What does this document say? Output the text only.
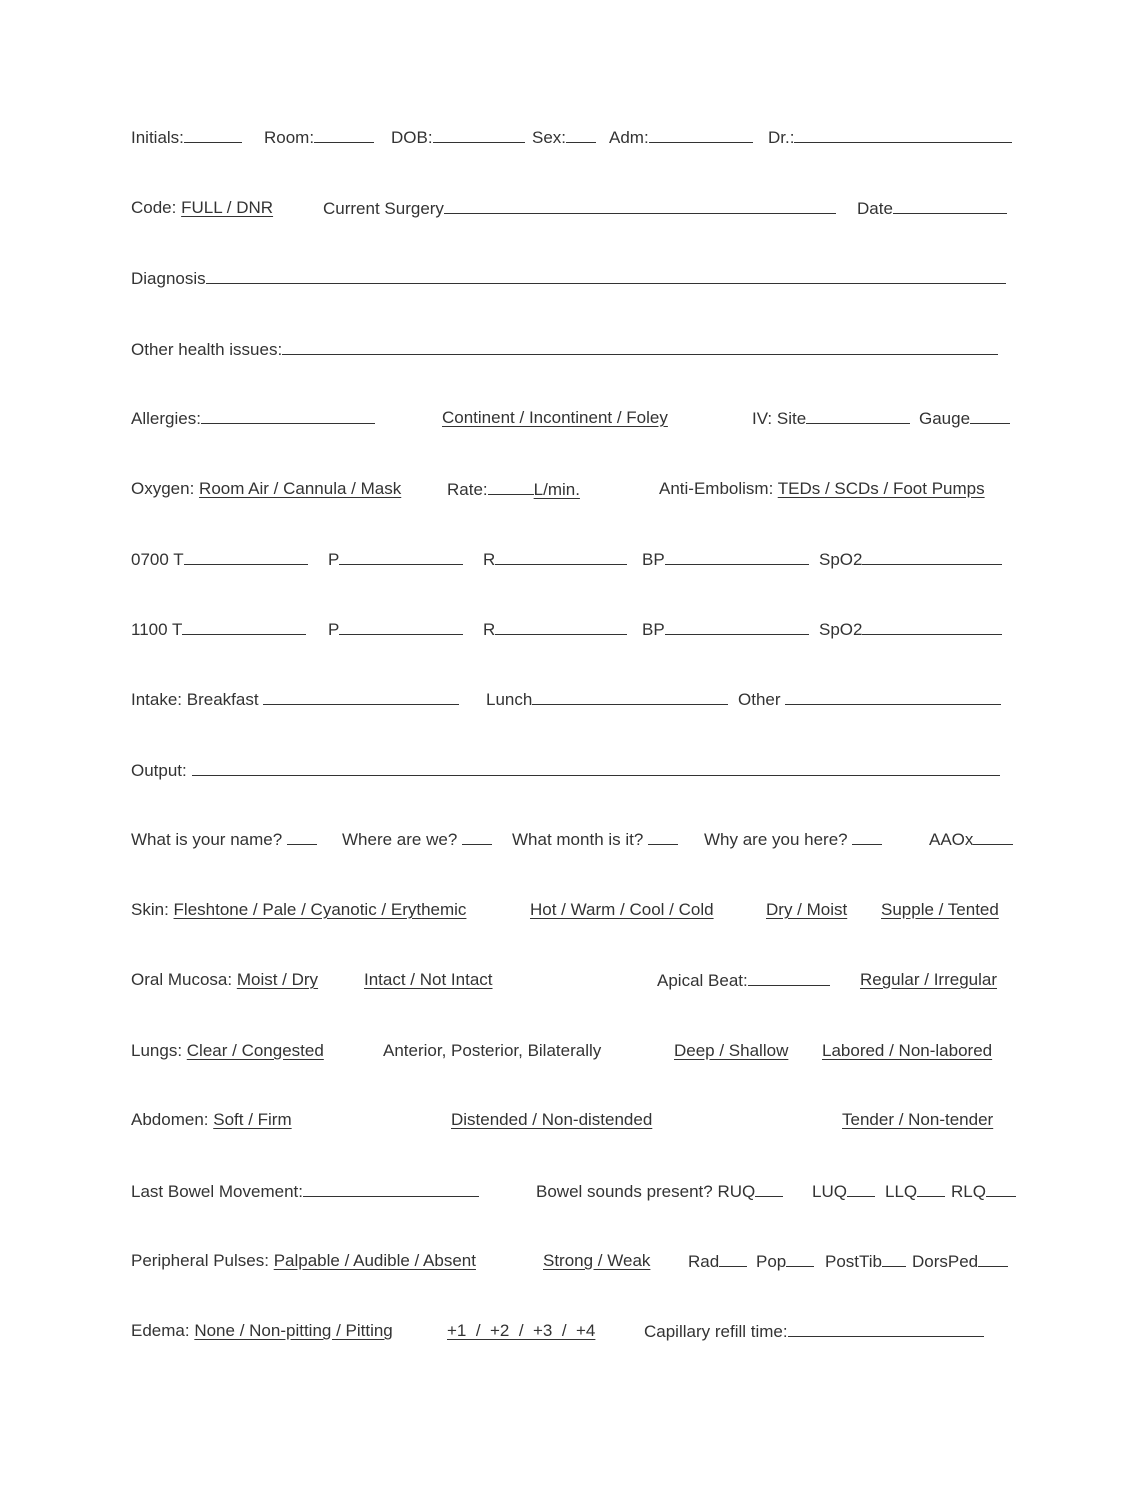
Initials:	Room:	DOB:	Sex:	Adm:	Dr.:
Code: FULL / DNR	Current Surgery	Date
Diagnosis
Other health issues:
Allergies:	Continent / Incontinent / Foley	IV: Site	Gauge
Oxygen: Room Air / Cannula / Mask	Rate:	L/min.	Anti-Embolism: TEDs / SCDs / Foot Pumps
0700 T	P	R	BP	SpO2
1100 T	P	R	BP	SpO2
Intake: Breakfast	Lunch	Other
Output:
What is your name?	Where are we?	What month is it?	Why are you here?	AAOx
Skin: Fleshtone / Pale / Cyanotic / Erythemic	Hot / Warm / Cool / Cold	Dry / Moist Supple / Tented
Oral Mucosa: Moist / Dry	Intact / Not Intact	Apical Beat:	Regular / Irregular
Lungs: Clear / Congested	Anterior, Posterior, Bilaterally	Deep / Shallow Labored / Non-labored
Abdomen: Soft / Firm	Distended / Non-distended	Tender / Non-tender
Last Bowel Movement:	Bowel sounds present? RUQ	LUQ	LLQ	RLQ
Peripheral Pulses: Palpable / Audible / Absent	Strong / Weak Rad	Pop	PostTib	DorsPed
Edema: None / Non-pitting / Pitting	+1  /  +2  /  +3  /  +4	Capillary refill time:
